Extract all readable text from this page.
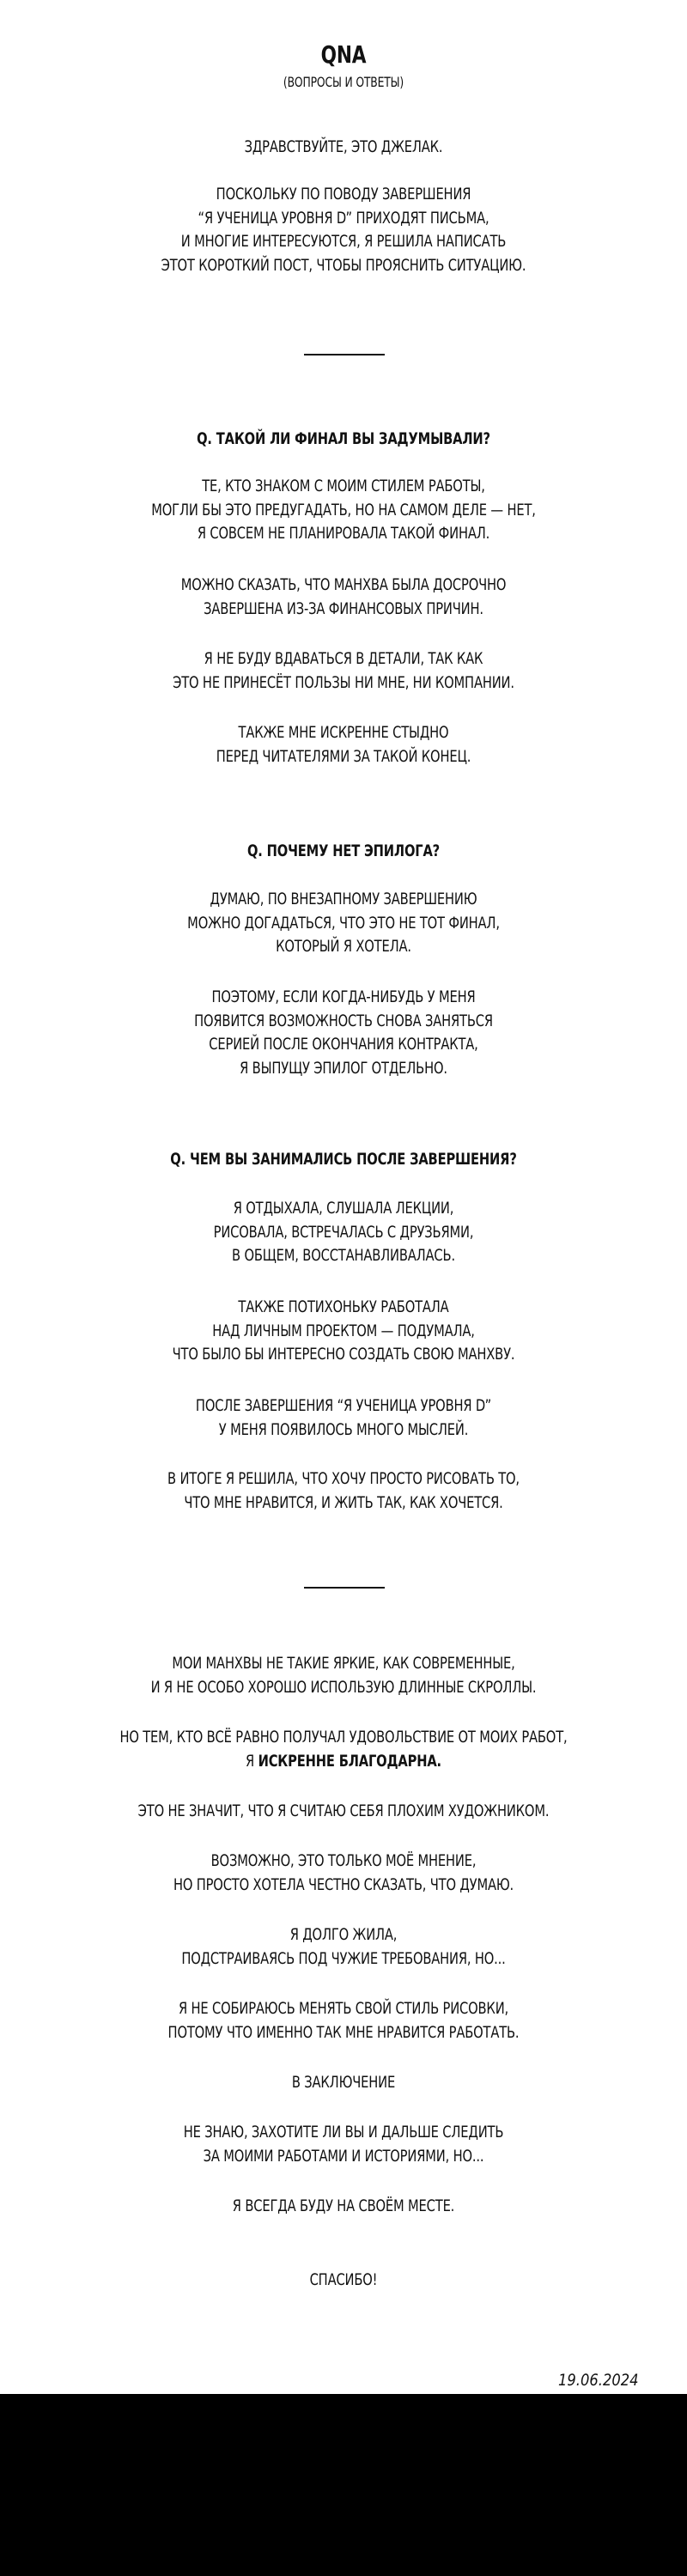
QNA

(ВОПРОСЫ И ОТВЕТЫ)

ЗДРАВСТВУЙТЕ, ЭТО ДЖЕЛАК.

ПОСКОЛЬКУ ПО ПОВОДУ ЗАВЕРШЕНИЯ
“Я УЧЕНИЦА УРОВНЯ D” ПРИХОДЯТ ПИСЬМА,
И МНОГИЕ ИНТЕРЕСУЮТСЯ, Я РЕШИЛА НАПИСАТЬ
ЭТОТ КОРОТКИЙ ПОСТ, ЧТОБЫ ПРОЯСНИТЬ СИТУАЦИЮ.

Q. ТАКОЙ ЛИ ФИНАЛ ВЫ ЗАДУМЫВАЛИ?

ТЕ, КТО ЗНАКОМ С МОИМ СТИЛЕМ РАБОТЫ,
МОГЛИ БЫ ЭТО ПРЕДУГАДАТЬ, НО НА САМОМ ДЕЛЕ — НЕТ,
Я СОВСЕМ НЕ ПЛАНИРОВАЛА ТАКОЙ ФИНАЛ.

МОЖНО СКАЗАТЬ, ЧТО МАНХВА БЫЛА ДОСРОЧНО
ЗАВЕРШЕНА ИЗ-ЗА ФИНАНСОВЫХ ПРИЧИН.

Я НЕ БУДУ ВДАВАТЬСЯ В ДЕТАЛИ, ТАК КАК
ЭТО НЕ ПРИНЕСЁТ ПОЛЬЗЫ НИ МНЕ, НИ КОМПАНИИ.

ТАКЖЕ МНЕ ИСКРЕННЕ СТЫДНО
ПЕРЕД ЧИТАТЕЛЯМИ ЗА ТАКОЙ КОНЕЦ.

Q. ПОЧЕМУ НЕТ ЭПИЛОГА?

ДУМАЮ, ПО ВНЕЗАПНОМУ ЗАВЕРШЕНИЮ
МОЖНО ДОГАДАТЬСЯ, ЧТО ЭТО НЕ ТОТ ФИНАЛ,
КОТОРЫЙ Я ХОТЕЛА.

ПОЭТОМУ, ЕСЛИ КОГДА-НИБУДЬ У МЕНЯ
ПОЯВИТСЯ ВОЗМОЖНОСТЬ СНОВА ЗАНЯТЬСЯ
СЕРИЕЙ ПОСЛЕ ОКОНЧАНИЯ КОНТРАКТА,
Я ВЫПУЩУ ЭПИЛОГ ОТДЕЛЬНО.

Q. ЧЕМ ВЫ ЗАНИМАЛИСЬ ПОСЛЕ ЗАВЕРШЕНИЯ?

Я ОТДЫХАЛА, СЛУШАЛА ЛЕКЦИИ,
РИСОВАЛА, ВСТРЕЧАЛАСЬ С ДРУЗЬЯМИ,
В ОБЩЕМ, ВОССТАНАВЛИВАЛАСЬ.

ТАКЖЕ ПОТИХОНЬКУ РАБОТАЛА
НАД ЛИЧНЫМ ПРОЕКТОМ — ПОДУМАЛА,
ЧТО БЫЛО БЫ ИНТЕРЕСНО СОЗДАТЬ СВОЮ МАНХВУ.

ПОСЛЕ ЗАВЕРШЕНИЯ “Я УЧЕНИЦА УРОВНЯ D”
У МЕНЯ ПОЯВИЛОСЬ МНОГО МЫСЛЕЙ.

В ИТОГЕ Я РЕШИЛА, ЧТО ХОЧУ ПРОСТО РИСОВАТЬ ТО,
ЧТО МНЕ НРАВИТСЯ, И ЖИТЬ ТАК, КАК ХОЧЕТСЯ.

МОИ МАНХВЫ НЕ ТАКИЕ ЯРКИЕ, КАК СОВРЕМЕННЫЕ,
И Я НЕ ОСОБО ХОРОШО ИСПОЛЬЗУЮ ДЛИННЫЕ СКРОЛЛЫ.

НО ТЕМ, КТО ВСЁ РАВНО ПОЛУЧАЛ УДОВОЛЬСТВИЕ ОТ МОИХ РАБОТ,
Я ИСКРЕННЕ БЛАГОДАРНА.

ЭТО НЕ ЗНАЧИТ, ЧТО Я СЧИТАЮ СЕБЯ ПЛОХИМ ХУДОЖНИКОМ.

ВОЗМОЖНО, ЭТО ТОЛЬКО МОЁ МНЕНИЕ,
НО ПРОСТО ХОТЕЛА ЧЕСТНО СКАЗАТЬ, ЧТО ДУМАЮ.

Я ДОЛГО ЖИЛА,
ПОДСТРАИВАЯСЬ ПОД ЧУЖИЕ ТРЕБОВАНИЯ, НО...

Я НЕ СОБИРАЮСЬ МЕНЯТЬ СВОЙ СТИЛЬ РИСОВКИ,
ПОТОМУ ЧТО ИМЕННО ТАК МНЕ НРАВИТСЯ РАБОТАТЬ.

В ЗАКЛЮЧЕНИЕ

НЕ ЗНАЮ, ЗАХОТИТЕ ЛИ ВЫ И ДАЛЬШЕ СЛЕДИТЬ
ЗА МОИМИ РАБОТАМИ И ИСТОРИЯМИ, НО...

Я ВСЕГДА БУДУ НА СВОЁМ МЕСТЕ.

СПАСИБО!

19.06.2024
